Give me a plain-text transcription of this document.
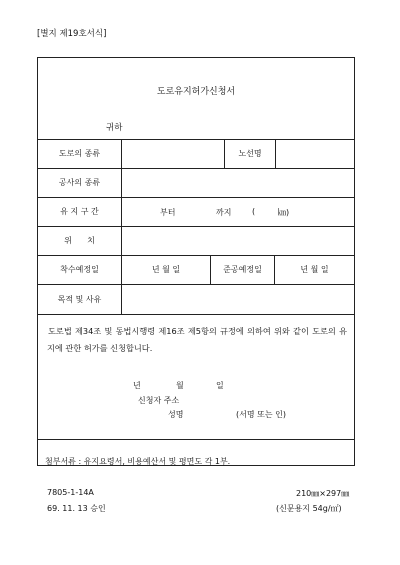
[별지 제19호서식]
도로유지허가신청서
귀하
도로의 종류	노선명
공사의 종류
유 지 구 간	부터	까지	(	㎞)
위      치
착수예정일	년 월 일	준공예정일	년 월 일
목적 및 사유
도로법 제34조 및 동법시행령 제16조 제5항의 규정에 의하여 위와 같이 도로의 유지에 관한 허가를 신청합니다.
년	월	일
신청자 주소
성명	(서명 또는 인)
첨부서류 : 유지요령서, 비용예산서 및 평면도 각 1부.
7805-1-14A
69. 11. 13 승인
210㎜×297㎜
(신문용지 54g/㎡)
